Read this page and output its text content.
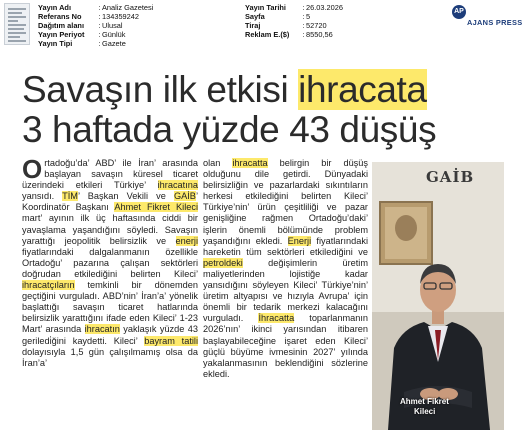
Yayın Adı	: Analiz Gazetesi
Referans No	: 134359242
Dağıtım alanı	: Ulusal
Yayın Periyot	: Günlük
Yayın Tipi	: Gazete
Yayın Tarihi	: 26.03.2026
Sayfa	: 5
Tiraj	: 52720
Reklam E.($)	: 8550,56
AP
AJANS PRESS
Savaşın ilk etkisi ihracata
3 haftada yüzde 43 düşüş

Ortadoğu’da’ ABD’ ile İran’ arasında başlayan savaşın küresel ticaret üzerindeki etkileri Türkiye’ ihracatına yansıdı. TİM’ Başkan Vekili ve GAİB’ Koordinatör Başkanı Ahmet Fikret Kileci mart’ ayının ilk üç haftasında ciddi bir yavaşlama yaşandığını söyledi. Savaşın yarattığı jeopolitik belirsizlik ve enerji fiyatlarındaki dalgalanmanın özellikle Ortadoğu’ pazarına çalışan sektörleri doğrudan etkilediğini belirten Kileci’ ihracatçıların temkinli bir dönemden geçtiğini vurguladı. ABD’nin’ İran’a’ yönelik başlattığı savaşın ticaret hatlarında belirsizlik yarattığını ifade eden Kileci’ 1-23 Mart’ arasında ihracatın yaklaşık yüzde 43 geriledi̇ğini kaydetti. Kileci’ bayram tatili dolayısıyla 1,5 gün çalışılmamış olsa da İran’a’

olan ihracatta belirgin bir düşüş olduğunu dile getirdi. Dünyadaki belirsizliğin ve pazarlardaki sıkıntıların herkesi etkilediğini belirten Kileci’ Türkiye’nin’ ürün çeşitliliği ve pazar genişliğine rağmen Ortadoğu’daki’ işlerin önemli bölümünde problem yaşandığını ekledi. Enerji fiyatlarındaki hareketin tüm sektörleri etkilediğini ve petroldeki değişimlerin üretim maliyetlerinden lojistiğe kadar yansıdığını söyleyen Kileci’ Türkiye’nin’ üretim altyapısı ve hızıyla Avrupa’ için önemli bir tedarik merkezi kalacağını vurguladı. İhracatta toparlanmanın 2026’nın’ ikinci yarısından itibaren başlayabileceğine işaret eden Kileci’ güçlü büyüme ivmesinin 2027’ yılında yakalanmasının beklendiğini sözlerine ekledi.

GAİB
Ahmet Fikret
Kileci
